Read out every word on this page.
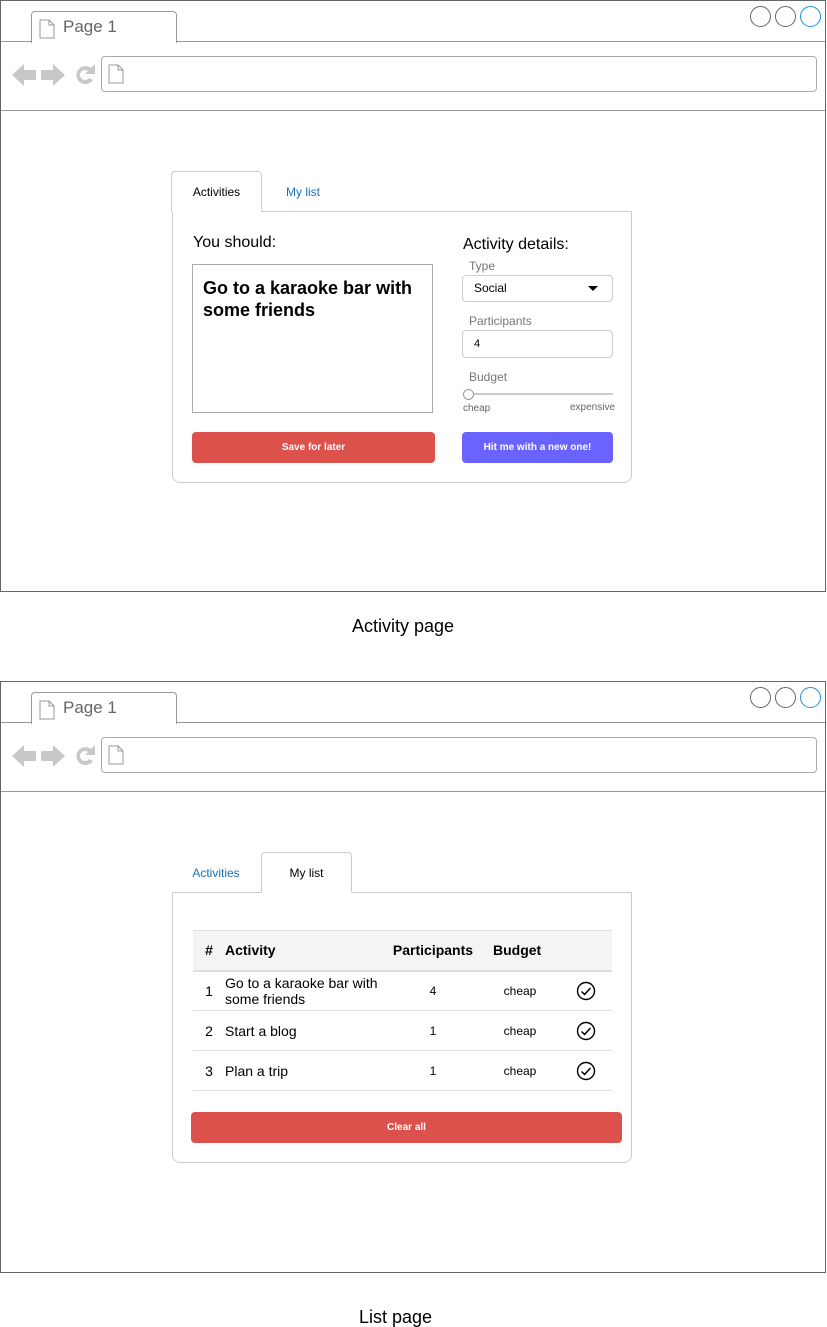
Page 1
Activities	My list
You should:
Go to a karaoke bar with some friends
Activity details:
Type
Social
Participants
4
Budget
cheap	expensive
Save for later	Hit me with a new one!
Activity page
Page 1
Activities	My list
#	Activity	Participants	Budget	
1	Go to a karaoke bar with some friends	4	cheap	

2	Start a blog	1	cheap	

3	Plan a trip	1	cheap	
Clear all
List page
